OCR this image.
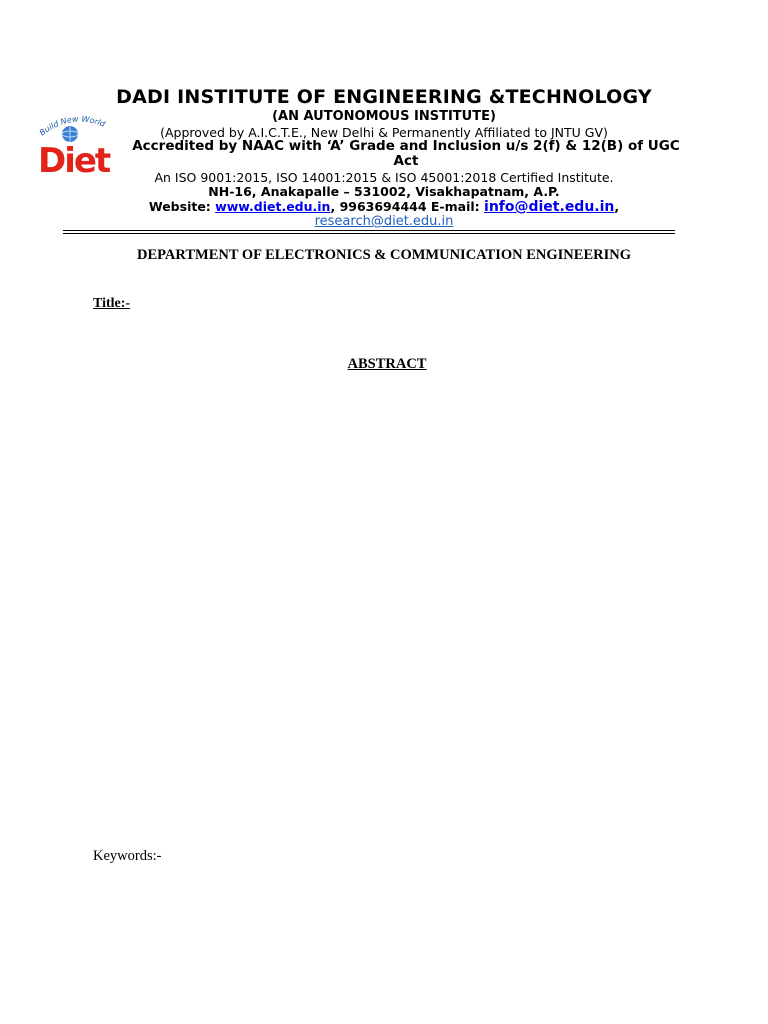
Build New World
Diet
DADI INSTITUTE OF ENGINEERING &TECHNOLOGY
(AN AUTONOMOUS INSTITUTE)
(Approved by A.I.C.T.E., New Delhi & Permanently Affiliated to JNTU GV)
Accredited by NAAC with ‘A’ Grade and Inclusion u/s 2(f) & 12(B) of UGC Act
An ISO 9001:2015, ISO 14001:2015 & ISO 45001:2018 Certified Institute.
NH-16, Anakapalle – 531002, Visakhapatnam, A.P.
Website: www.diet.edu.in, 9963694444 E-mail: info@diet.edu.in,
research@diet.edu.in
DEPARTMENT OF ELECTRONICS & COMMUNICATION ENGINEERING
Title:-
ABSTRACT
Keywords:-
